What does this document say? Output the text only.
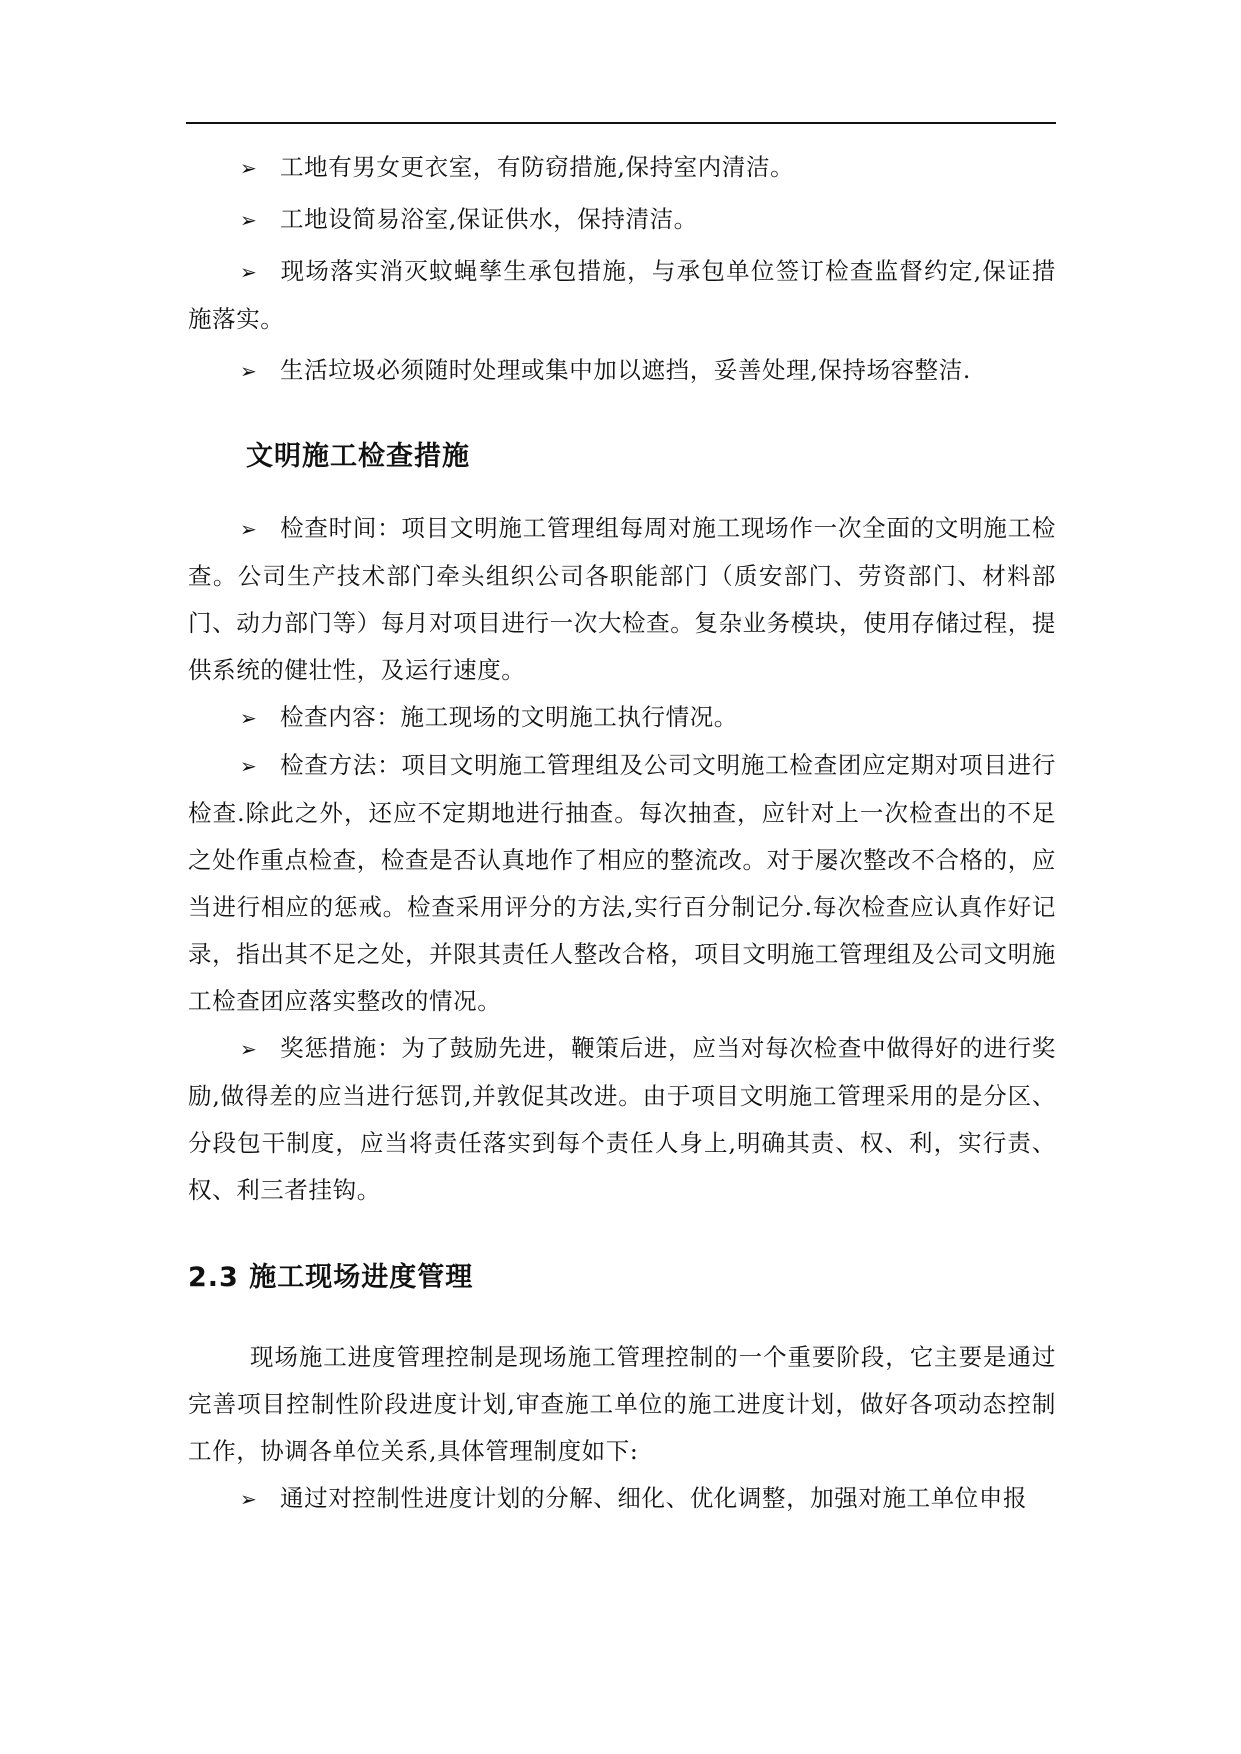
➢ 工地有男女更衣室，有防窃措施,保持室内清洁。

➢ 工地设简易浴室,保证供水，保持清洁。

➢ 现场落实消灭蚊蝇孳生承包措施，与承包单位签订检查监督约定,保证措施落实。

➢ 生活垃圾必须随时处理或集中加以遮挡，妥善处理,保持场容整洁.

文明施工检查措施

➢ 检查时间：项目文明施工管理组每周对施工现场作一次全面的文明施工检查。公司生产技术部门牵头组织公司各职能部门（质安部门、劳资部门、材料部门、动力部门等）每月对项目进行一次大检查。复杂业务模块，使用存储过程，提供系统的健壮性，及运行速度。

➢ 检查内容：施工现场的文明施工执行情况。

➢ 检查方法：项目文明施工管理组及公司文明施工检查团应定期对项目进行检查.除此之外，还应不定期地进行抽查。每次抽查，应针对上一次检查出的不足之处作重点检查，检查是否认真地作了相应的整流改。对于屡次整改不合格的，应当进行相应的惩戒。检查采用评分的方法,实行百分制记分.每次检查应认真作好记录，指出其不足之处，并限其责任人整改合格，项目文明施工管理组及公司文明施工检查团应落实整改的情况。

➢ 奖惩措施：为了鼓励先进，鞭策后进，应当对每次检查中做得好的进行奖励,做得差的应当进行惩罚,并敦促其改进。由于项目文明施工管理采用的是分区、分段包干制度，应当将责任落实到每个责任人身上,明确其责、权、利，实行责、权、利三者挂钩。

2.3 施工现场进度管理

现场施工进度管理控制是现场施工管理控制的一个重要阶段，它主要是通过完善项目控制性阶段进度计划,审查施工单位的施工进度计划，做好各项动态控制工作，协调各单位关系,具体管理制度如下:

➢ 通过对控制性进度计划的分解、细化、优化调整，加强对施工单位申报
